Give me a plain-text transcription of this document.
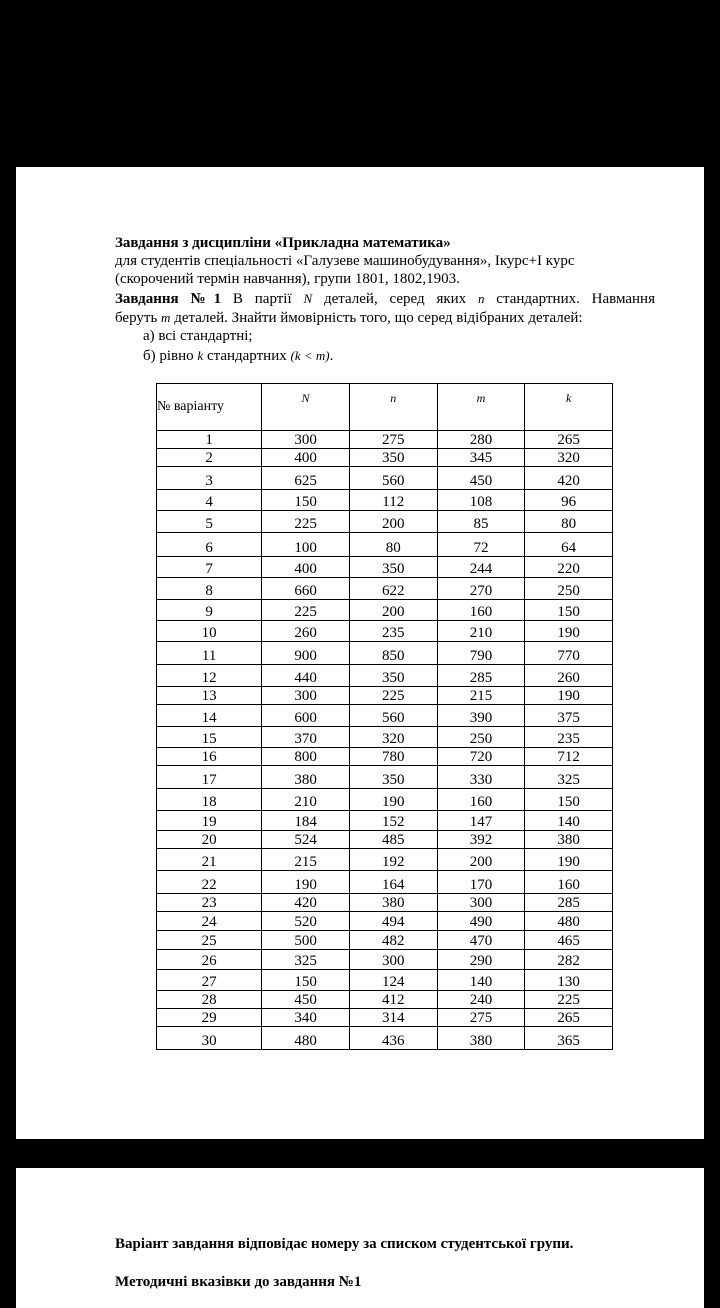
Завдання з дисципліни «Прикладна математика»
для студентів спеціальності «Галузеве машинобудування», Ікурс+І курс
(скорочений термін навчання), групи 1801, 1802,1903.
Завдання №1 В партії N деталей, серед яких n стандартних. Навмання
беруть m деталей. Знайти ймовірність того, що серед відібраних деталей:
а) всі стандартні;
б) рівно k стандартних (k < m).
№ варіанту	N	n	m	k
1	300	275	280	265
2	400	350	345	320
3	625	560	450	420
4	150	112	108	96
5	225	200	85	80
6	100	80	72	64
7	400	350	244	220
8	660	622	270	250
9	225	200	160	150
10	260	235	210	190
11	900	850	790	770
12	440	350	285	260
13	300	225	215	190
14	600	560	390	375
15	370	320	250	235
16	800	780	720	712
17	380	350	330	325
18	210	190	160	150
19	184	152	147	140
20	524	485	392	380
21	215	192	200	190
22	190	164	170	160
23	420	380	300	285
24	520	494	490	480
25	500	482	470	465
26	325	300	290	282
27	150	124	140	130
28	450	412	240	225
29	340	314	275	265
30	480	436	380	365
Варіант завдання відповідає номеру за списком студентської групи.
Методичні вказівки до завдання №1
